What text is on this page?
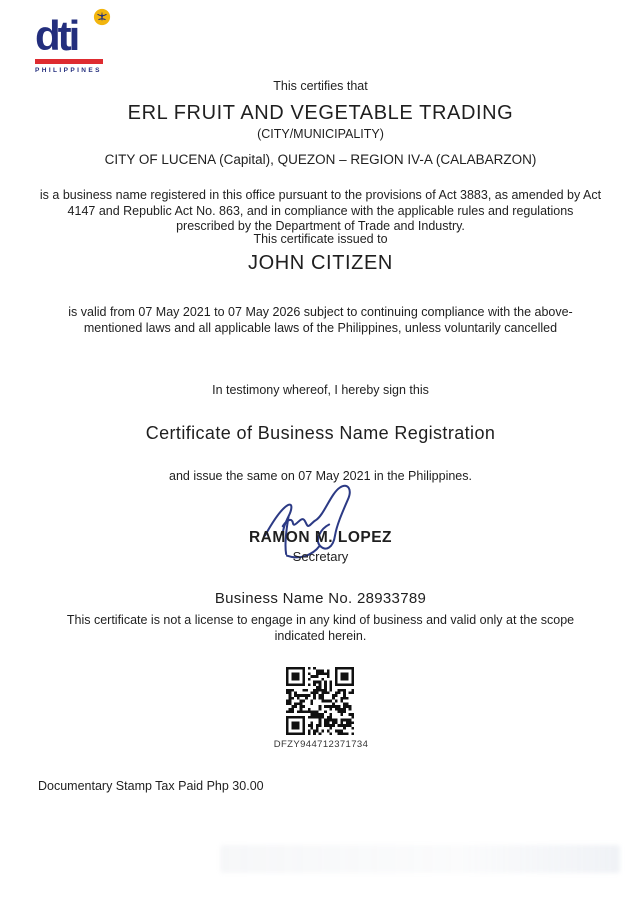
dti
PHILIPPINES
This certifies that
ERL FRUIT AND VEGETABLE TRADING
(CITY/MUNICIPALITY)
CITY OF LUCENA (Capital), QUEZON – REGION IV-A (CALABARZON)
is a business name registered in this office pursuant to the provisions of Act 3883, as amended by Act 4147 and Republic Act No. 863, and in compliance with the applicable rules and regulations prescribed by the Department of Trade and Industry.
This certificate issued to
JOHN CITIZEN
is valid from 07 May 2021 to 07 May 2026 subject to continuing compliance with the above-mentioned laws and all applicable laws of the Philippines, unless voluntarily cancelled
In testimony whereof, I hereby sign this
Certificate of Business Name Registration
and issue the same on 07 May 2021 in the Philippines.
RAMON M. LOPEZ
Secretary
Business Name No. 28933789
This certificate is not a license to engage in any kind of business and valid only at the scope indicated herein.
DFZY944712371734
Documentary Stamp Tax Paid Php 30.00
